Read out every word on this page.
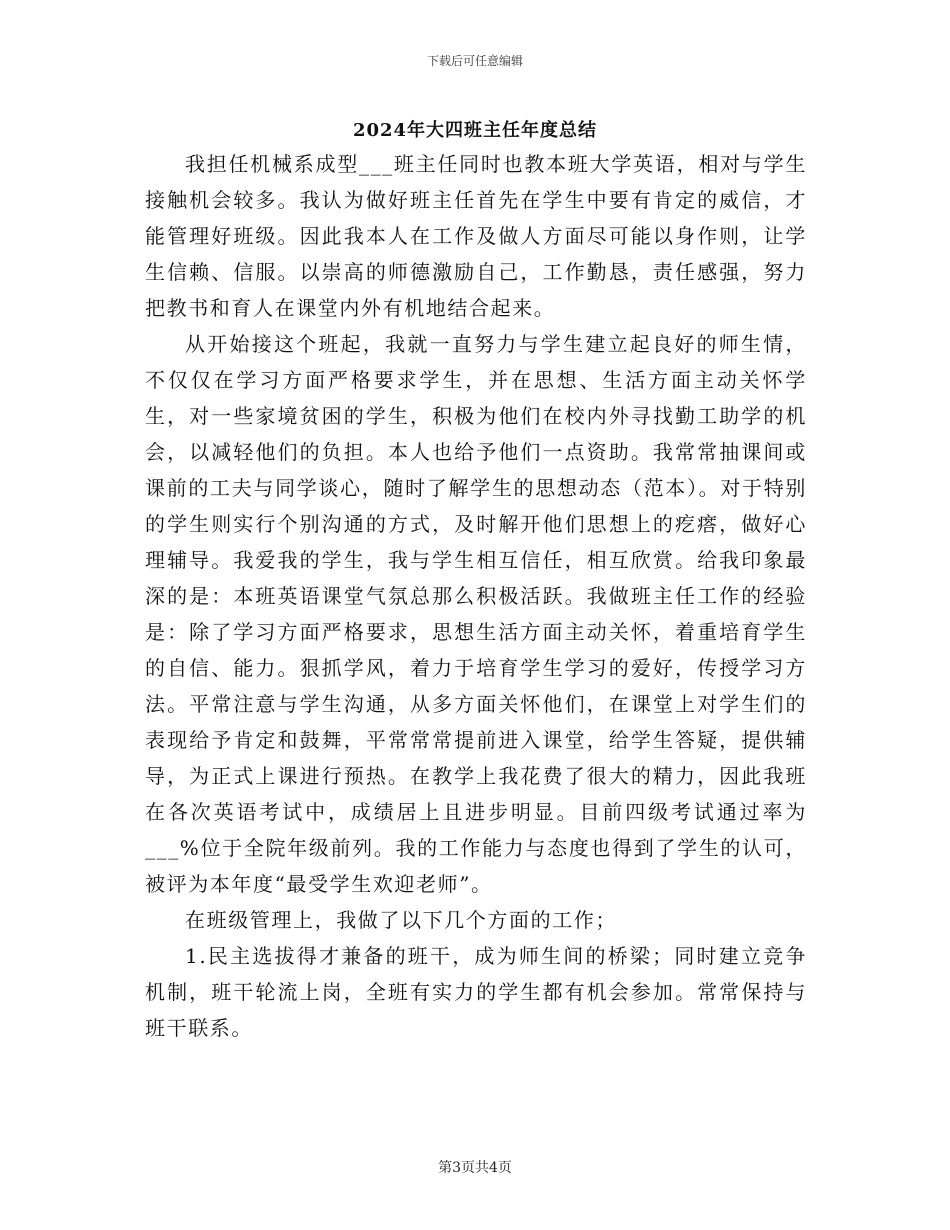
下载后可任意编辑
2024年大四班主任年度总结

我担任机械系成型___班主任同时也教本班大学英语，相对与学生接触机会较多。我认为做好班主任首先在学生中要有肯定的威信，才能管理好班级。因此我本人在工作及做人方面尽可能以身作则，让学生信赖、信服。以崇高的师德激励自己，工作勤恳，责任感强，努力把教书和育人在课堂内外有机地结合起来。

从开始接这个班起，我就一直努力与学生建立起良好的师生情，不仅仅在学习方面严格要求学生，并在思想、生活方面主动关怀学生，对一些家境贫困的学生，积极为他们在校内外寻找勤工助学的机会，以减轻他们的负担。本人也给予他们一点资助。我常常抽课间或课前的工夫与同学谈心，随时了解学生的思想动态（范本）。对于特别的学生则实行个别沟通的方式，及时解开他们思想上的疙瘩，做好心理辅导。我爱我的学生，我与学生相互信任，相互欣赏。给我印象最深的是：本班英语课堂气氛总那么积极活跃。我做班主任工作的经验是：除了学习方面严格要求，思想生活方面主动关怀，着重培育学生的自信、能力。狠抓学风，着力于培育学生学习的爱好，传授学习方法。平常注意与学生沟通，从多方面关怀他们，在课堂上对学生们的表现给予肯定和鼓舞，平常常常提前进入课堂，给学生答疑，提供辅导，为正式上课进行预热。在教学上我花费了很大的精力，因此我班在各次英语考试中，成绩居上且进步明显。目前四级考试通过率为___%位于全院年级前列。我的工作能力与态度也得到了学生的认可，被评为本年度“最受学生欢迎老师”。

在班级管理上，我做了以下几个方面的工作；

1.民主选拔得才兼备的班干，成为师生间的桥梁；同时建立竞争机制，班干轮流上岗，全班有实力的学生都有机会参加。常常保持与班干联系。

第3页共4页
